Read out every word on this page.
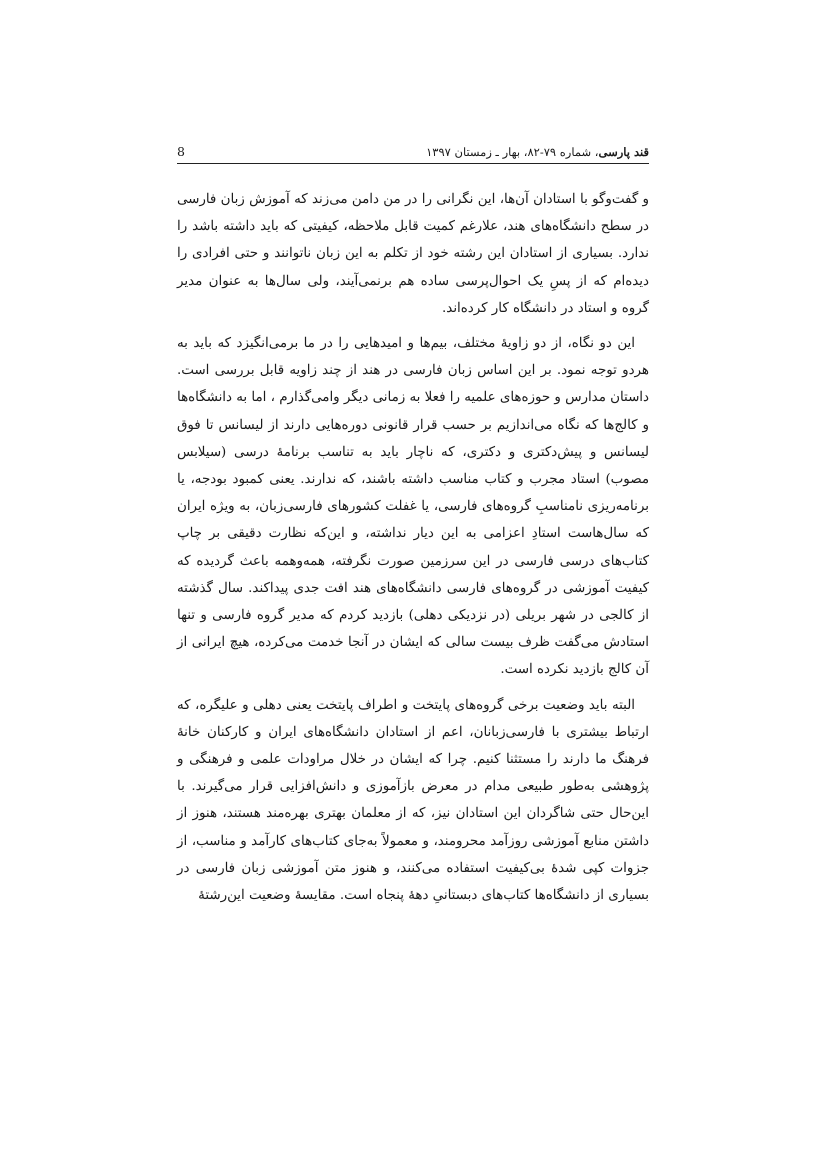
قند پارسی، شماره ۷۹-۸۲، بهار ـ زمستان ۱۳۹۷
8

و گفت‌وگو با استادان آن‌ها، این نگرانی را در من دامن می‌زند که آموزش زبان فارسی در سطح دانشگاه‌های هند، علارغم کمیت قابل ملاحظه، کیفیتی که باید داشته باشد را ندارد. بسیاری از استادان این رشته خود از تکلم به این زبان ناتوانند و حتی افرادی را دیده‌ام که از پسِ یک احوال‌پرسی ساده هم برنمی‌آیند، ولی سال‌ها به عنوان مدیر گروه و استاد در دانشگاه کار کرده‌اند.

این دو نگاه، از دو زاویهٔ مختلف، بیم‌ها و امیدهایی را در ما برمی‌انگیزد که باید به هردو توجه نمود. بر این اساس زبان فارسی در هند از چند زاویه قابل بررسی است. داستان مدارس و حوزه‌های علمیه را فعلا به زمانی دیگر وامی‌گذارم ، اما به دانشگاه‌ها و کالج‌ها که نگاه می‌اندازیم بر حسب قرار قانونی دوره‌هایی دارند از لیسانس تا فوق لیسانس و پیش‌دکتری و دکتری، که ناچار باید به تناسب برنامهٔ درسی (سیلابس مصوب) استاد مجرب و کتاب مناسب داشته باشند، که ندارند. یعنی کمبود بودجه، یا برنامه‌ریزی نامناسبِ گروه‌های فارسی، یا غفلت کشورهای فارسی‌زبان، به ویژه ایران که سال‌هاست استادِ اعزامی به این دیار نداشته، و این‌که نظارت دقیقی بر چاپ کتاب‌های درسی فارسی در این سرزمین صورت نگرفته، همه‌وهمه باعث گردیده که کیفیت آموزشی در گروه‌های فارسی دانشگاه‌های هند افت جدی پیداکند. سال گذشته از کالجی در شهر بریلی (در نزدیکی دهلی) بازدید کردم که مدیر گروه فارسی و تنها استادش می‌گفت ظرف بیست سالی که ایشان در آنجا خدمت می‌کرده، هیچ ایرانی از آن کالج بازدید نکرده است.

البته باید وضعیت برخی گروه‌های پایتخت و اطراف پایتخت یعنی دهلی و علیگره، که ارتباط بیشتری با فارسی‌زبانان، اعم از استادان دانشگاه‌های ایران و کارکنان خانهٔ فرهنگ ما دارند را مستثنا کنیم. چرا که ایشان در خلال مراودات علمی و فرهنگی و پژوهشی به‌طور طبیعی مدام در معرض بازآموزی و دانش‌افزایی قرار می‌گیرند. با این‌حال حتی شاگردان این استادان نیز، که از معلمان بهتری بهره‌مند هستند، هنوز از داشتن منابع آموزشی روزآمد محرومند، و معمولاً به‌جای کتاب‌های کارآمد و مناسب، از جزوات کپی شدهٔ بی‌کیفیت استفاده می‌کنند، و هنوز متن آموزشی زبان فارسی در بسیاری از دانشگاه‌ها کتاب‌های دبستانیِ دههٔ پنجاه است. مقایسهٔ وضعیت این‌رشتهٔ
